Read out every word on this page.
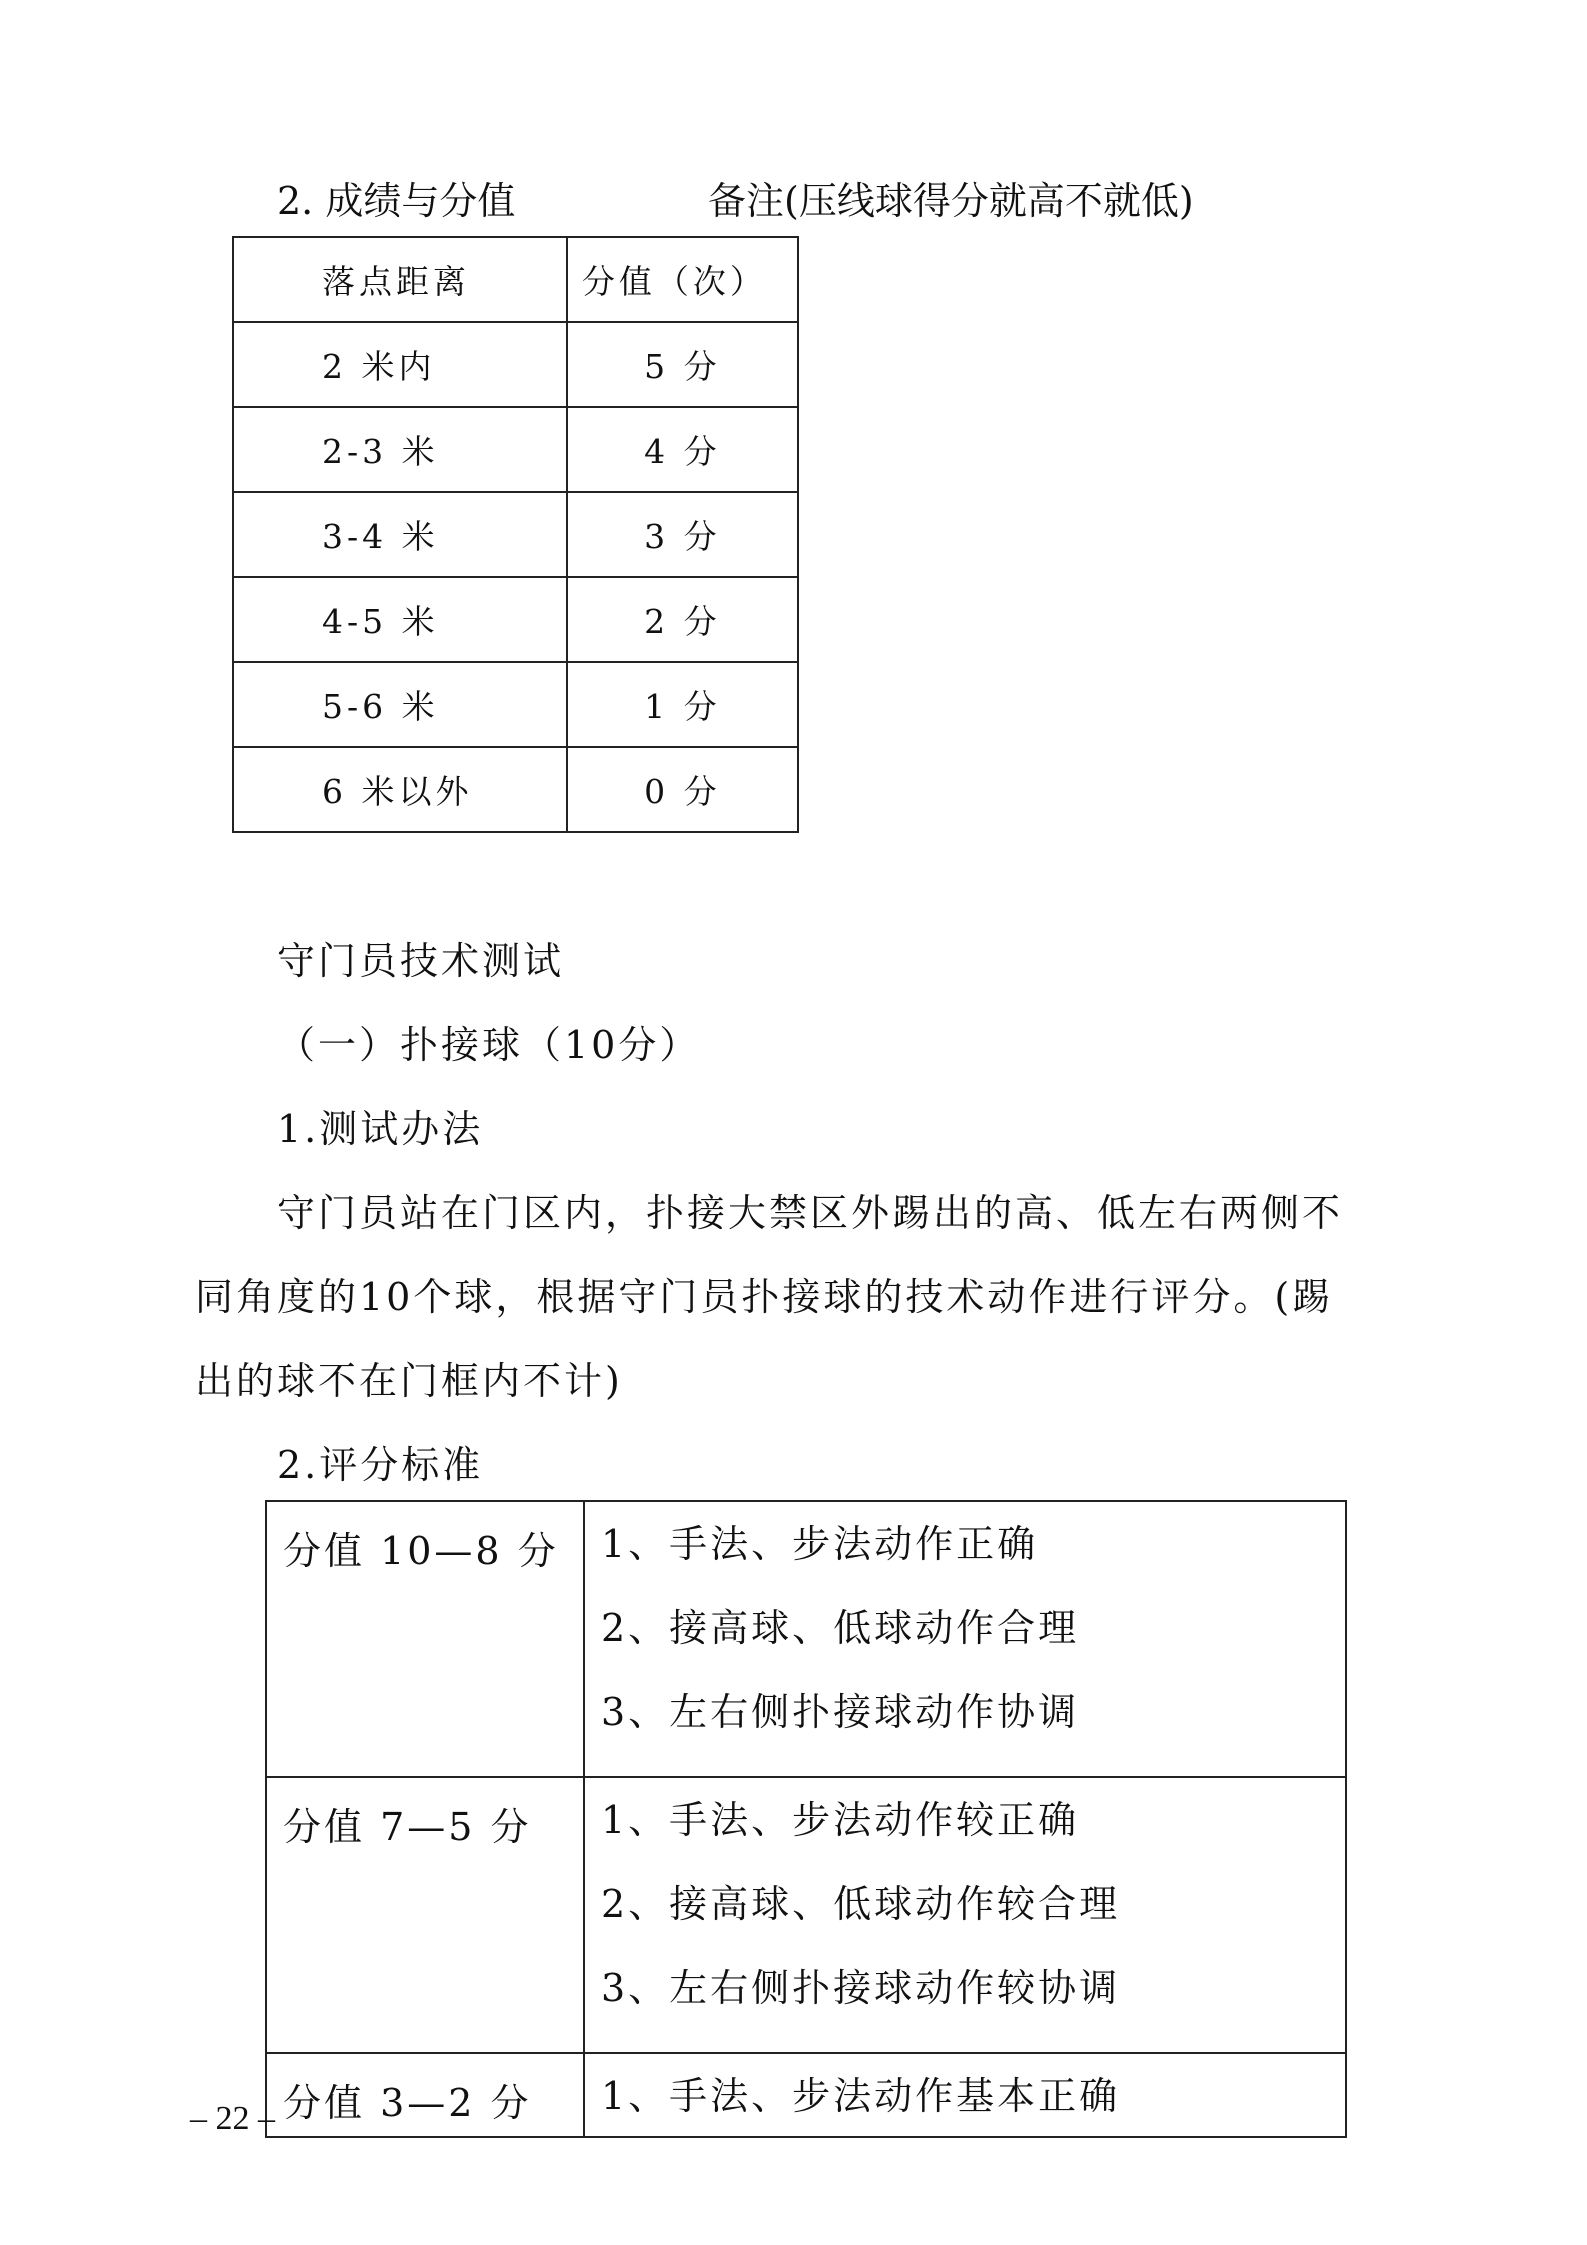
2. 成绩与分值	备注(压线球得分就高不就低)
落点距离	分值（次）
2 米内	5 分
2-3 米	4 分
3-4 米	3 分
4-5 米	2 分
5-6 米	1 分
6 米以外	0 分
守门员技术测试
（一）扑接球（10分）
1.测试办法
守门员站在门区内，扑接大禁区外踢出的高、低左右两侧不
同角度的10个球，根据守门员扑接球的技术动作进行评分。(踢
出的球不在门框内不计)
2.评分标准
分值 10—8 分	1、手法、步法动作正确
2、接高球、低球动作合理
3、左右侧扑接球动作协调

分值 7—5 分	1、手法、步法动作较正确
2、接高球、低球动作较合理
3、左右侧扑接球动作较协调

分值 3—2 分	1、手法、步法动作基本正确
– 22 –
